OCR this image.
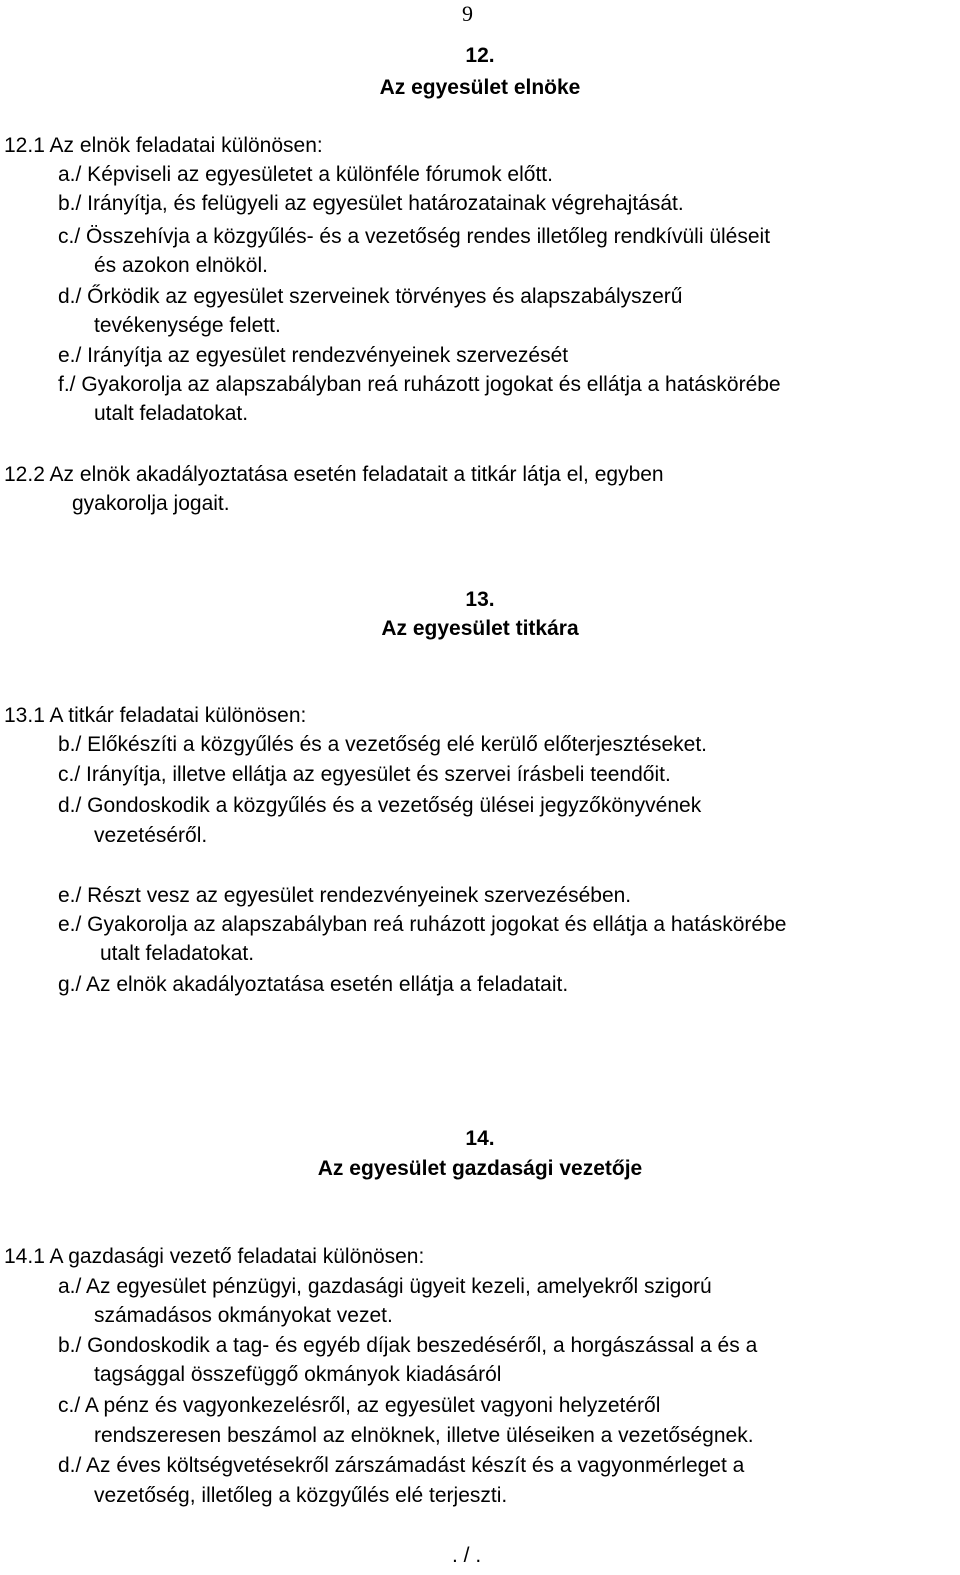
9
12.
Az egyesület elnöke
12.1 Az elnök feladatai különösen:
a./ Képviseli az egyesületet a különféle fórumok előtt.
b./ Irányítja, és felügyeli az egyesület határozatainak végrehajtását.
c./ Összehívja a közgyűlés- és a vezetőség rendes illetőleg rendkívüli üléseit
és azokon elnököl.
d./ Őrködik az egyesület szerveinek törvényes és alapszabályszerű
tevékenysége felett.
e./ Irányítja az egyesület rendezvényeinek szervezését
f./ Gyakorolja az alapszabályban reá ruházott jogokat és ellátja a hatáskörébe
utalt feladatokat.
12.2 Az elnök akadályoztatása esetén feladatait a titkár látja el, egyben
gyakorolja jogait.
13.
Az egyesület titkára
13.1 A titkár feladatai különösen:
b./ Előkészíti a közgyűlés és a vezetőség elé kerülő előterjesztéseket.
c./ Irányítja, illetve ellátja az egyesület és szervei írásbeli teendőit.
d./ Gondoskodik a közgyűlés és a vezetőség ülései jegyzőkönyvének
vezetéséről.
e./ Részt vesz az egyesület rendezvényeinek szervezésében.
e./ Gyakorolja az alapszabályban reá ruházott jogokat és ellátja a hatáskörébe
utalt feladatokat.
g./ Az elnök akadályoztatása esetén ellátja a feladatait.
14.
Az egyesület gazdasági vezetője
14.1 A gazdasági vezető feladatai különösen:
a./ Az egyesület pénzügyi, gazdasági ügyeit kezeli, amelyekről szigorú
számadásos okmányokat vezet.
b./ Gondoskodik a tag- és egyéb díjak beszedéséről, a horgászással a és a
tagsággal összefüggő okmányok kiadásáról
c./ A pénz és vagyonkezelésről, az egyesület vagyoni helyzetéről
rendszeresen beszámol az elnöknek, illetve üléseiken a vezetőségnek.
d./ Az éves költségvetésekről zárszámadást készít és a vagyonmérleget a
vezetőség, illetőleg a közgyűlés elé terjeszti.
. / .
